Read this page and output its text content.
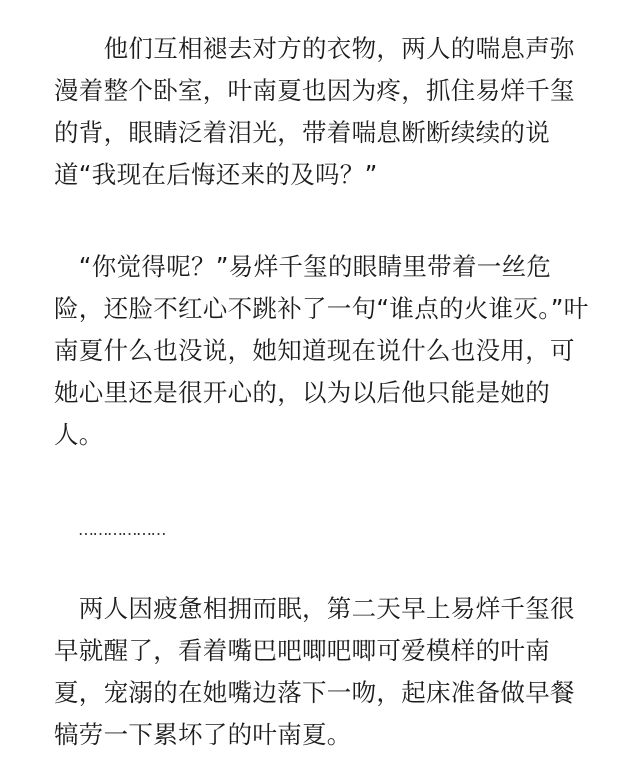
　　他们互相褪去对方的衣物，两人的喘息声弥
漫着整个卧室，叶南夏也因为疼，抓住易烊千玺
的背，眼睛泛着泪光，带着喘息断断续续的说
道“我现在后悔还来的及吗？”
　“你觉得呢？”易烊千玺的眼睛里带着一丝危
险，还脸不红心不跳补了一句“谁点的火谁灭。”叶
南夏什么也没说，她知道现在说什么也没用，可
她心里还是很开心的，以为以后他只能是她的
人。
………………
　两人因疲惫相拥而眠，第二天早上易烊千玺很
早就醒了，看着嘴巴吧唧吧唧可爱模样的叶南
夏，宠溺的在她嘴边落下一吻，起床准备做早餐
犒劳一下累坏了的叶南夏。
